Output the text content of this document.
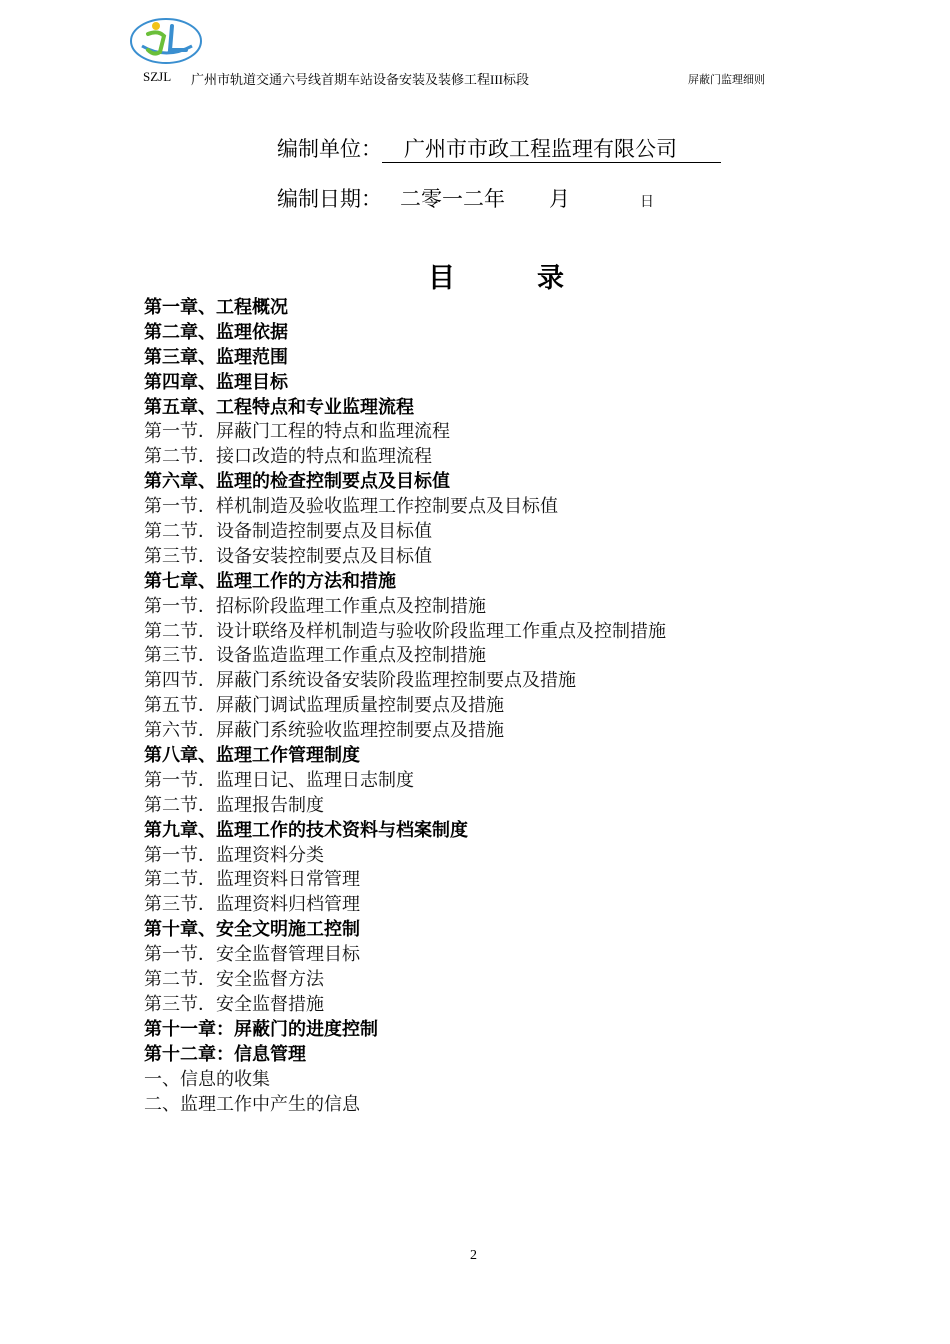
SZJL 广州市轨道交通六号线首期车站设备安装及装修工程III标段	屏蔽门监理细则
编制单位： 广州市市政工程监理有限公司
编制日期： 二零一二年 月	日
目	录
第一章、工程概况
第二章、监理依据
第三章、监理范围
第四章、监理目标
第五章、工程特点和专业监理流程
第一节．屏蔽门工程的特点和监理流程
第二节．接口改造的特点和监理流程
第六章、监理的检查控制要点及目标值
第一节．样机制造及验收监理工作控制要点及目标值
第二节．设备制造控制要点及目标值
第三节．设备安装控制要点及目标值
第七章、监理工作的方法和措施
第一节．招标阶段监理工作重点及控制措施
第二节．设计联络及样机制造与验收阶段监理工作重点及控制措施
第三节．设备监造监理工作重点及控制措施
第四节．屏蔽门系统设备安装阶段监理控制要点及措施
第五节．屏蔽门调试监理质量控制要点及措施
第六节．屏蔽门系统验收监理控制要点及措施
第八章、监理工作管理制度
第一节．监理日记、监理日志制度
第二节．监理报告制度
第九章、监理工作的技术资料与档案制度
第一节．监理资料分类
第二节．监理资料日常管理
第三节．监理资料归档管理
第十章、安全文明施工控制
第一节．安全监督管理目标
第二节．安全监督方法
第三节．安全监督措施
第十一章：屏蔽门的进度控制
第十二章：信息管理
一、信息的收集
二、监理工作中产生的信息
2
